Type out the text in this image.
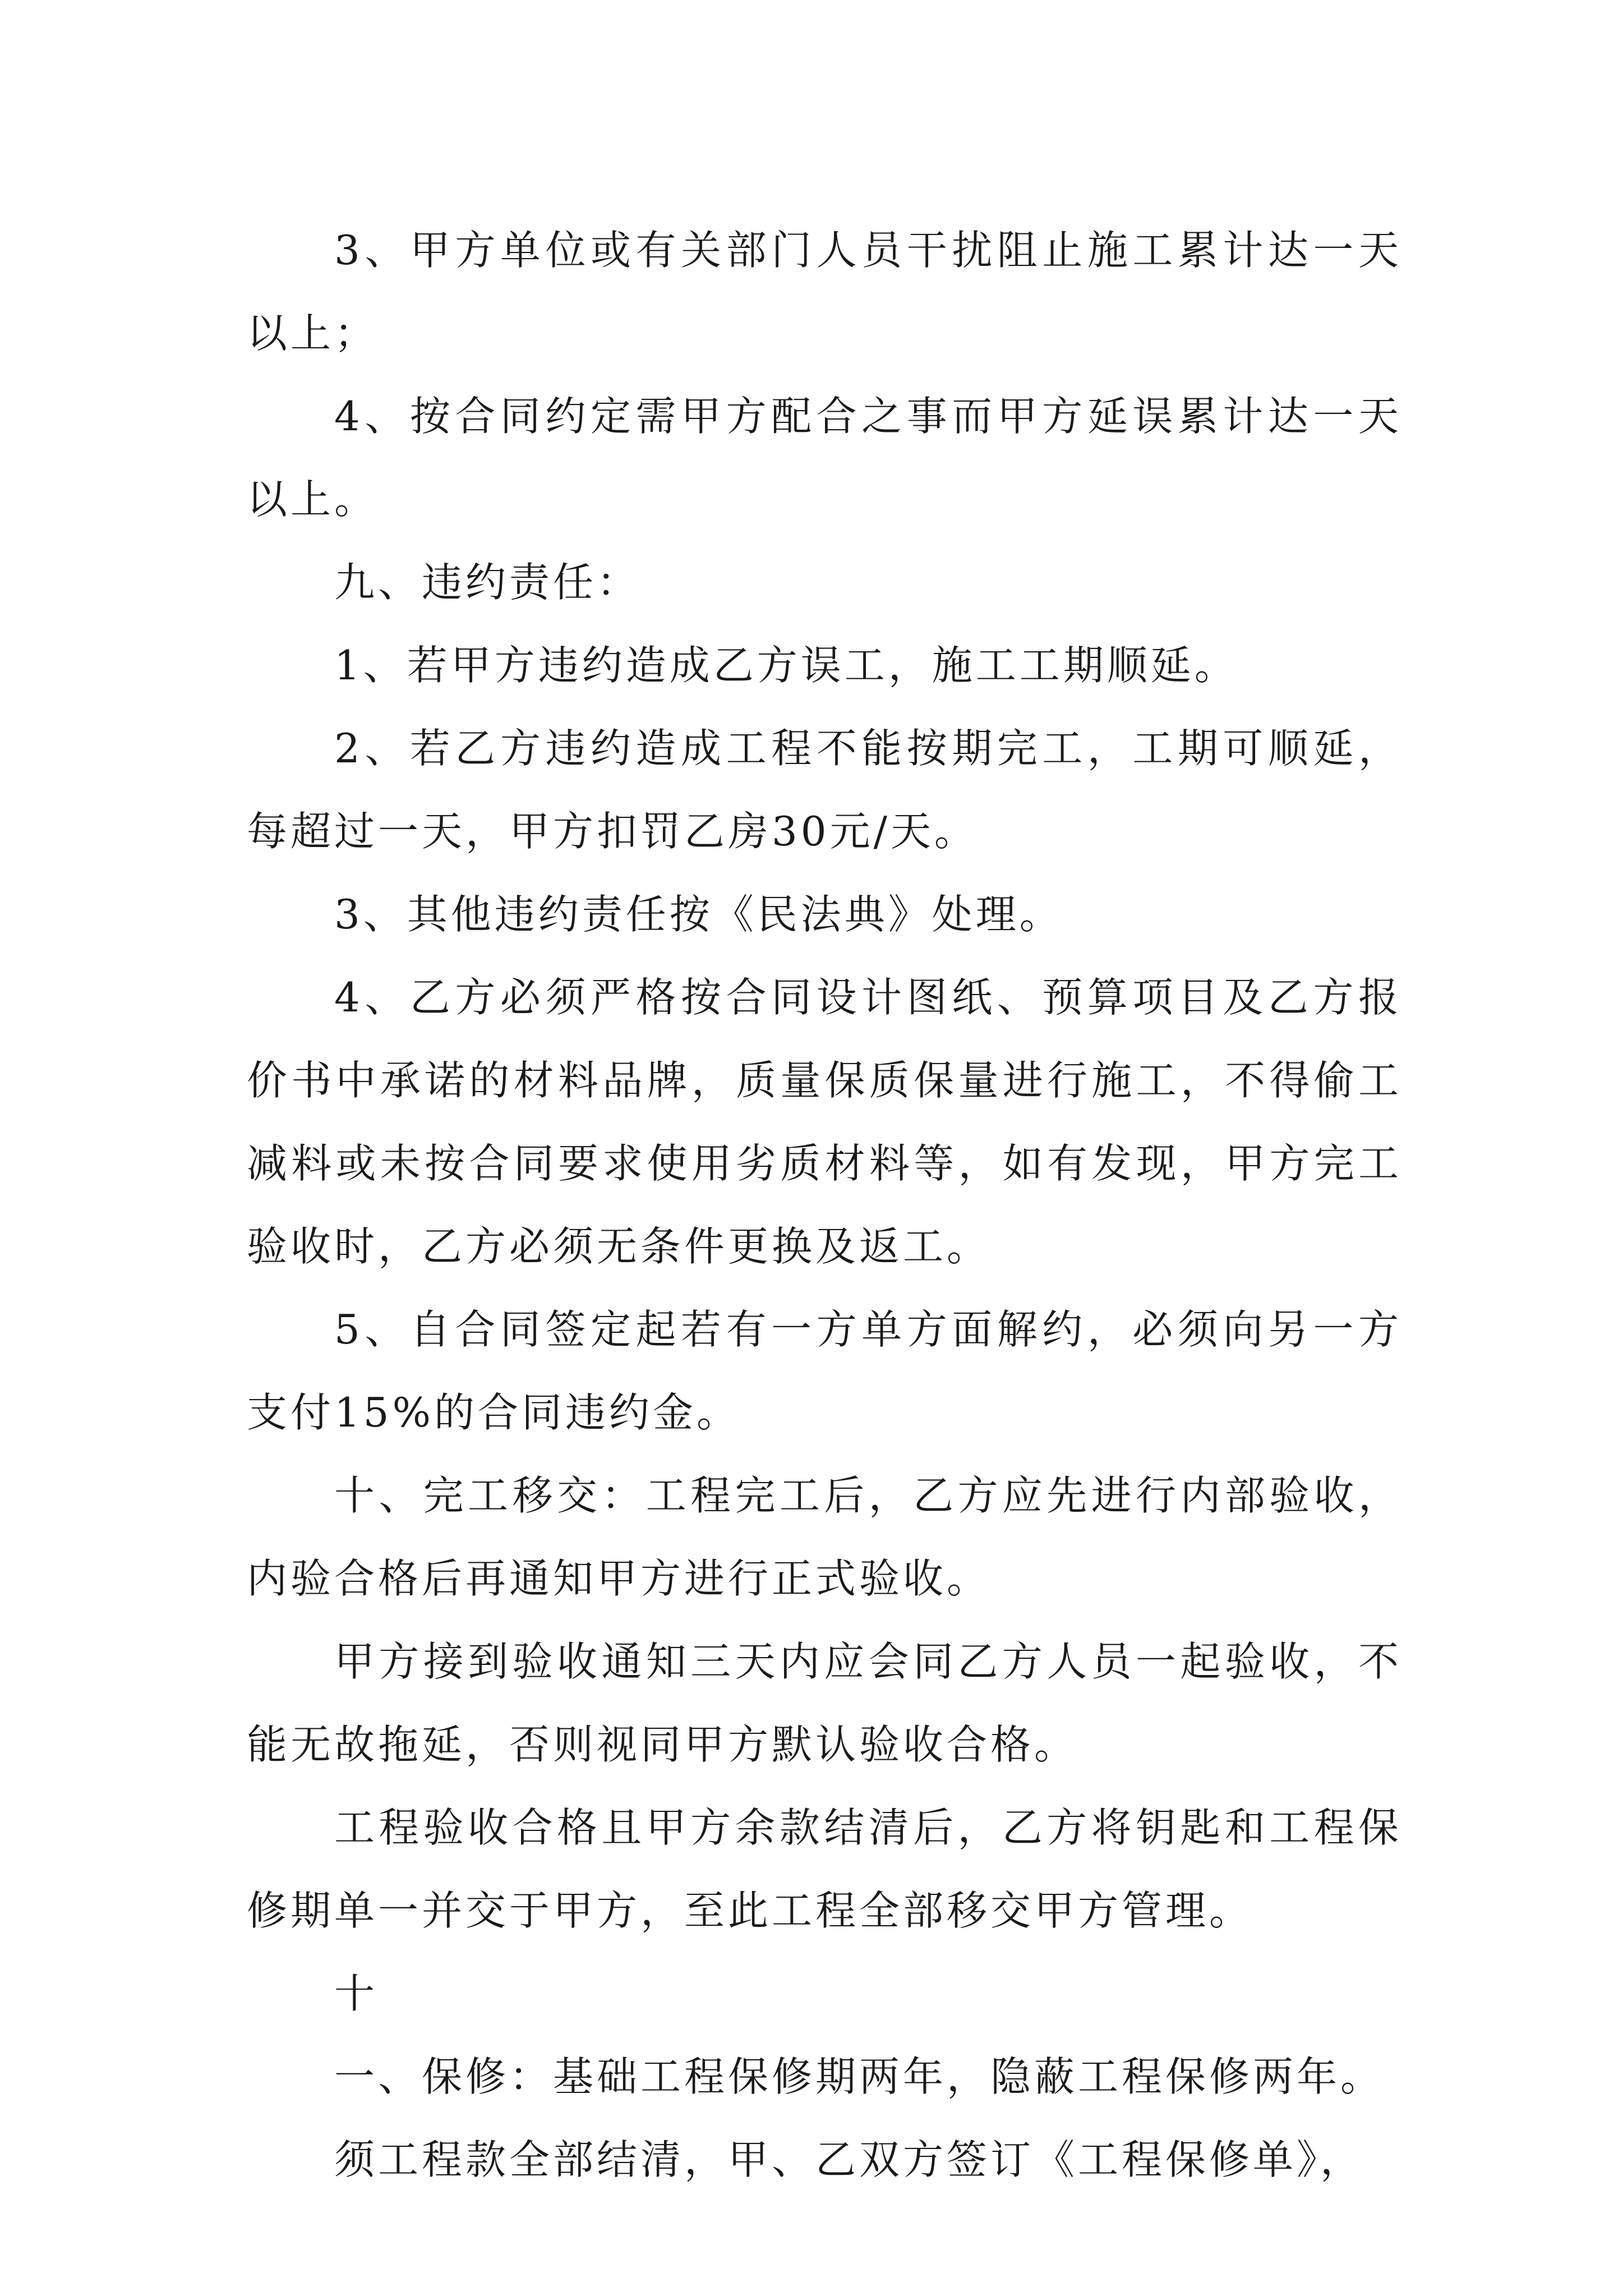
3、甲方单位或有关部门人员干扰阻止施工累计达一天以上；

4、按合同约定需甲方配合之事而甲方延误累计达一天以上。

九、违约责任：

1、若甲方违约造成乙方误工，施工工期顺延。

2、若乙方违约造成工程不能按期完工，工期可顺延，每超过一天，甲方扣罚乙房30元/天。

3、其他违约责任按《民法典》处理。

4、乙方必须严格按合同设计图纸、预算项目及乙方报价书中承诺的材料品牌，质量保质保量进行施工，不得偷工减料或未按合同要求使用劣质材料等，如有发现，甲方完工验收时，乙方必须无条件更换及返工。

5、自合同签定起若有一方单方面解约，必须向另一方支付15%的合同违约金。

十、完工移交：工程完工后，乙方应先进行内部验收，内验合格后再通知甲方进行正式验收。

甲方接到验收通知三天内应会同乙方人员一起验收，不能无故拖延，否则视同甲方默认验收合格。

工程验收合格且甲方余款结清后，乙方将钥匙和工程保修期单一并交于甲方，至此工程全部移交甲方管理。

十

一、保修：基础工程保修期两年，隐蔽工程保修两年。

须工程款全部结清，甲、乙双方签订《工程保修单》，
